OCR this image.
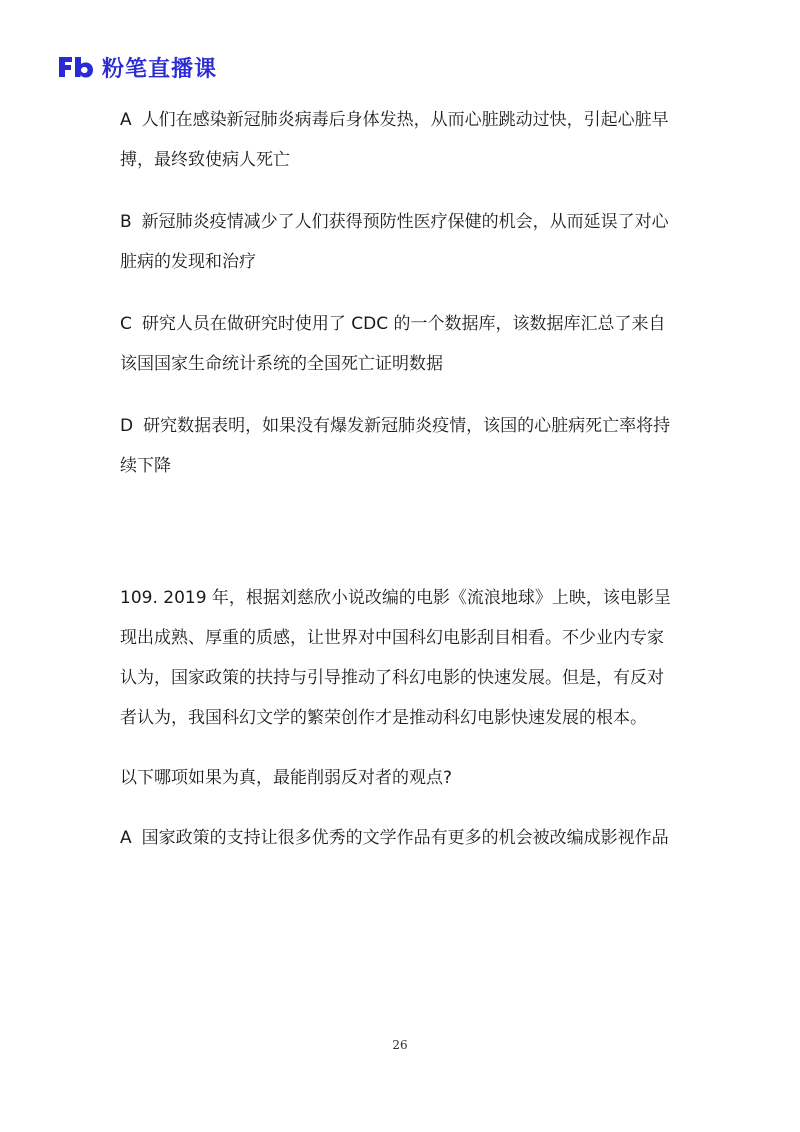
粉笔直播课

A 人们在感染新冠肺炎病毒后身体发热，从而心脏跳动过快，引起心脏早搏，最终致使病人死亡

B 新冠肺炎疫情减少了人们获得预防性医疗保健的机会，从而延误了对心脏病的发现和治疗

C 研究人员在做研究时使用了 CDC 的一个数据库，该数据库汇总了来自该国国家生命统计系统的全国死亡证明数据

D 研究数据表明，如果没有爆发新冠肺炎疫情，该国的心脏病死亡率将持续下降

109. 2019 年，根据刘慈欣小说改编的电影《流浪地球》上映，该电影呈现出成熟、厚重的质感，让世界对中国科幻电影刮目相看。不少业内专家认为，国家政策的扶持与引导推动了科幻电影的快速发展。但是，有反对者认为，我国科幻文学的繁荣创作才是推动科幻电影快速发展的根本。

以下哪项如果为真，最能削弱反对者的观点?

A 国家政策的支持让很多优秀的文学作品有更多的机会被改编成影视作品

26
